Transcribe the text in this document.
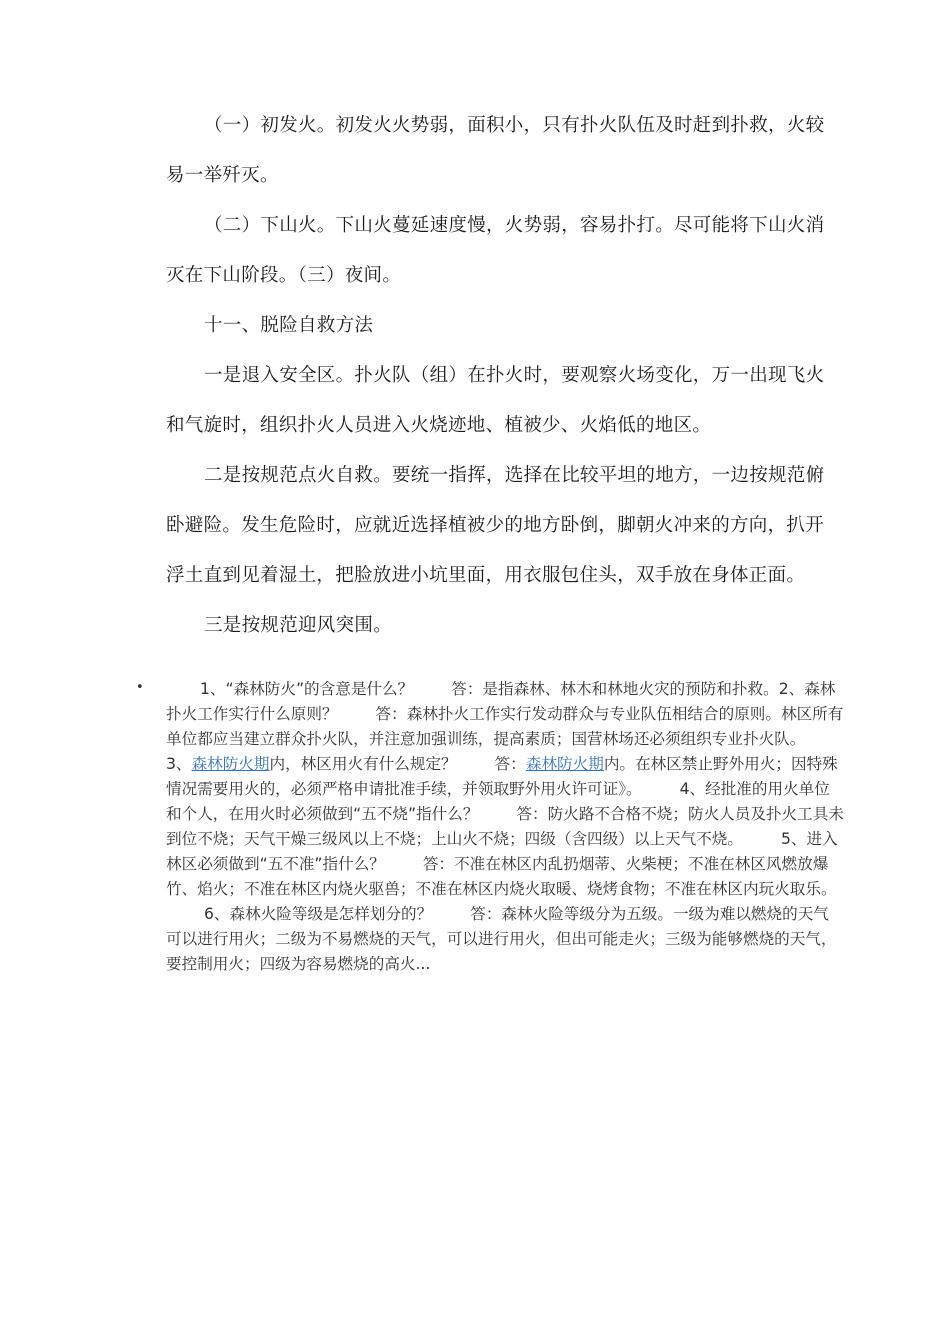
（一）初发火。初发火火势弱，面积小，只有扑火队伍及时赶到扑救，火较易一举歼灭。

（二）下山火。下山火蔓延速度慢，火势弱，容易扑打。尽可能将下山火消灭在下山阶段。（三）夜间。

十一、脱险自救方法

一是退入安全区。扑火队（组）在扑火时，要观察火场变化，万一出现飞火和气旋时，组织扑火人员进入火烧迹地、植被少、火焰低的地区。

二是按规范点火自救。要统一指挥，选择在比较平坦的地方，一边按规范俯卧避险。发生危险时，应就近选择植被少的地方卧倒，脚朝火冲来的方向，扒开浮土直到见着湿土，把脸放进小坑里面，用衣服包住头，双手放在身体正面。

三是按规范迎风突围。

•	1、“森林防火”的含意是什么？ 答：是指森林、林木和林地火灾的预防和扑救。2、森林扑火工作实行什么原则？ 答：森林扑火工作实行发动群众与专业队伍相结合的原则。林区所有单位都应当建立群众扑火队，并注意加强训练，提高素质；国营林场还必须组织专业扑火队。3、森林防火期内，林区用火有什么规定？ 答：森林防火期内。在林区禁止野外用火；因特殊情况需要用火的，必须严格申请批准手续，并领取野外用火许可证》。 4、经批准的用火单位和个人，在用火时必须做到“五不烧”指什么？ 答：防火路不合格不烧；防火人员及扑火工具未到位不烧；天气干燥三级风以上不烧；上山火不烧；四级（含四级）以上天气不烧。 5、进入林区必须做到“五不准”指什么？ 答：不准在林区内乱扔烟蒂、火柴梗；不准在林区风燃放爆竹、焰火；不准在林区内烧火驱兽；不准在林区内烧火取暖、烧烤食物；不准在林区内玩火取乐。6、森林火险等级是怎样划分的？ 答：森林火险等级分为五级。一级为难以燃烧的天气可以进行用火；二级为不易燃烧的天气，可以进行用火，但出可能走火；三级为能够燃烧的天气，要控制用火；四级为容易燃烧的高火...
